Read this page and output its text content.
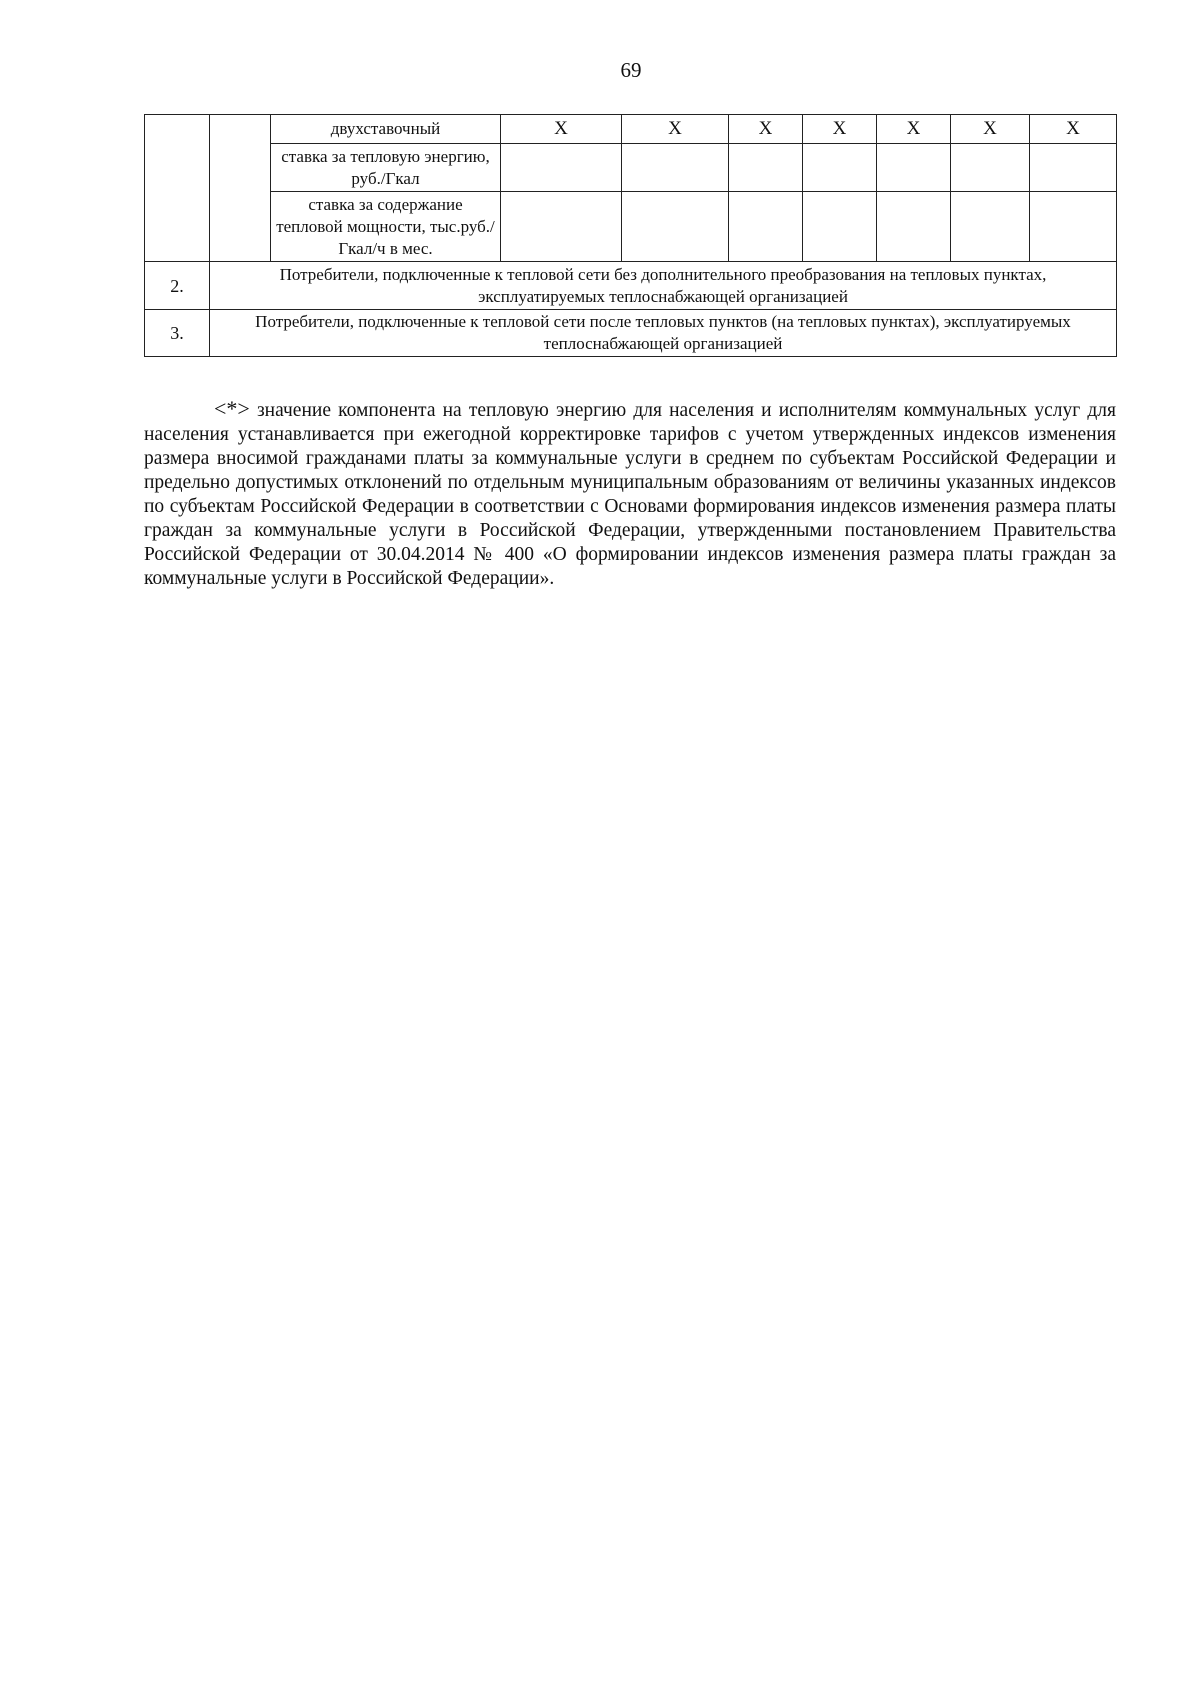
69
		двухставочный	X	X	X	X	X	X	X
		ставка за тепловую энергию, руб./Гкал							
		ставка за содержание тепловой мощности, тыс.руб./Гкал/ч в мес.							
2.	Потребители, подключенные к тепловой сети без дополнительного преобразования на тепловых пунктах, эксплуатируемых теплоснабжающей организацией								
3.	Потребители, подключенные к тепловой сети после тепловых пунктов (на тепловых пунктах), эксплуатируемых теплоснабжающей организацией								

<*> значение компонента на тепловую энергию для населения и исполнителям коммунальных услуг для населения устанавливается при ежегодной корректировке тарифов с учетом утвержденных индексов изменения размера вносимой гражданами платы за коммунальные услуги в среднем по субъектам Российской Федерации и предельно допустимых отклонений по отдельным муниципальным образованиям от величины указанных индексов по субъектам Российской Федерации в соответствии с Основами формирования индексов изменения размера платы граждан за коммунальные услуги в Российской Федерации, утвержденными постановлением Правительства Российской Федерации от 30.04.2014 № 400 «О формировании индексов изменения размера платы граждан за коммунальные услуги в Российской Федерации».
